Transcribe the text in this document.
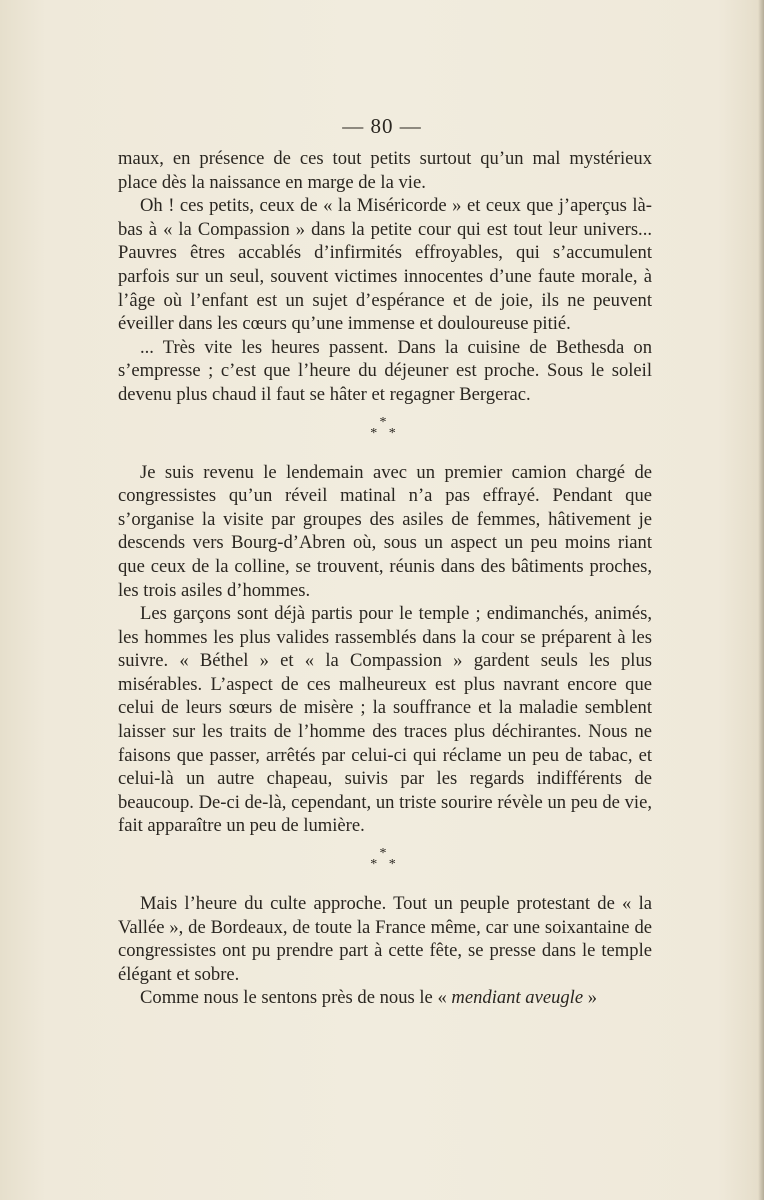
— 80 —

maux, en présence de ces tout petits surtout qu’un mal mystérieux place dès la naissance en marge de la vie.

Oh ! ces petits, ceux de « la Miséricorde » et ceux que j’aperçus là-bas à « la Compassion » dans la petite cour qui est tout leur univers... Pauvres êtres accablés d’infirmités effroyables, qui s’accumulent parfois sur un seul, souvent victimes innocentes d’une faute morale, à l’âge où l’enfant est un sujet d’espérance et de joie, ils ne peuvent éveiller dans les cœurs qu’une immense et douloureuse pitié.

... Très vite les heures passent. Dans la cuisine de Bethesda on s’empresse ; c’est que l’heure du déjeuner est proche. Sous le soleil devenu plus chaud il faut se hâter et regagner Bergerac.

*
* *

Je suis revenu le lendemain avec un premier camion chargé de congressistes qu’un réveil matinal n’a pas effrayé. Pendant que s’organise la visite par groupes des asiles de femmes, hâtivement je descends vers Bourg-d’Abren où, sous un aspect un peu moins riant que ceux de la colline, se trouvent, réunis dans des bâtiments proches, les trois asiles d’hommes.

Les garçons sont déjà partis pour le temple ; endimanchés, animés, les hommes les plus valides rassemblés dans la cour se préparent à les suivre. « Béthel » et « la Compassion » gardent seuls les plus misérables. L’aspect de ces malheureux est plus navrant encore que celui de leurs sœurs de misère ; la souffrance et la maladie semblent laisser sur les traits de l’homme des traces plus déchirantes. Nous ne faisons que passer, arrêtés par celui-ci qui réclame un peu de tabac, et celui-là un autre chapeau, suivis par les regards indifférents de beaucoup. De-ci de-là, cependant, un triste sourire révèle un peu de vie, fait apparaître un peu de lumière.

*
* *

Mais l’heure du culte approche. Tout un peuple protestant de « la Vallée », de Bordeaux, de toute la France même, car une soixantaine de congressistes ont pu prendre part à cette fête, se presse dans le temple élégant et sobre.

Comme nous le sentons près de nous le « mendiant aveugle »
